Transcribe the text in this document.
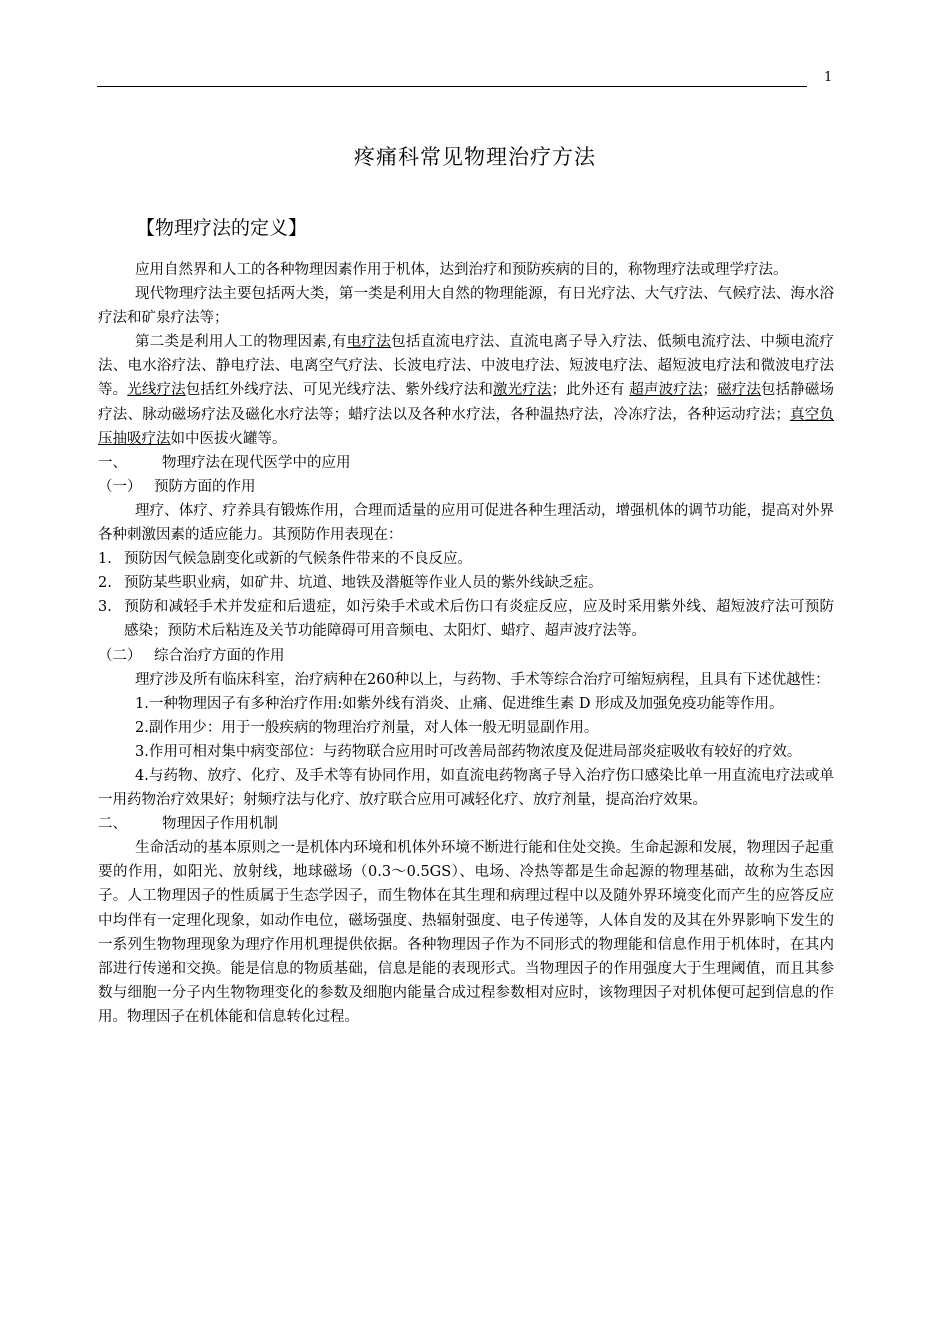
1
疼痛科常见物理治疗方法
【物理疗法的定义】

应用自然界和人工的各种物理因素作用于机体，达到治疗和预防疾病的目的，称物理疗法或理学疗法。

现代物理疗法主要包括两大类，第一类是利用大自然的物理能源，有日光疗法、大气疗法、气候疗法、海水浴疗法和矿泉疗法等；

第二类是利用人工的物理因素,有电疗法包括直流电疗法、直流电离子导入疗法、低频电流疗法、中频电流疗法、电水浴疗法、静电疗法、电离空气疗法、长波电疗法、中波电疗法、短波电疗法、超短波电疗法和微波电疗法等。光线疗法包括红外线疗法、可见光线疗法、紫外线疗法和激光疗法；此外还有 超声波疗法；磁疗法包括静磁场疗法、脉动磁场疗法及磁化水疗法等；蜡疗法以及各种水疗法，各种温热疗法，冷冻疗法，各种运动疗法；真空负压抽吸疗法如中医拔火罐等。

一、 物理疗法在现代医学中的应用

（一） 预防方面的作用

理疗、体疗、疗养具有锻炼作用，合理而适量的应用可促进各种生理活动，增强机体的调节功能，提高对外界各种刺激因素的适应能力。其预防作用表现在：

1. 预防因气候急剧变化或新的气候条件带来的不良反应。

2. 预防某些职业病，如矿井、坑道、地铁及潜艇等作业人员的紫外线缺乏症。

3. 预防和减轻手术并发症和后遗症，如污染手术或术后伤口有炎症反应，应及时采用紫外线、超短波疗法可预防感染；预防术后粘连及关节功能障碍可用音频电、太阳灯、蜡疗、超声波疗法等。

（二） 综合治疗方面的作用

理疗涉及所有临床科室，治疗病种在260种以上，与药物、手术等综合治疗可缩短病程，且具有下述优越性：

1.一种物理因子有多种治疗作用:如紫外线有消炎、止痛、促进维生素 D 形成及加强免疫功能等作用。

2.副作用少：用于一般疾病的物理治疗剂量，对人体一般无明显副作用。

3.作用可相对集中病变部位：与药物联合应用时可改善局部药物浓度及促进局部炎症吸收有较好的疗效。

4.与药物、放疗、化疗、及手术等有协同作用，如直流电药物离子导入治疗伤口感染比单一用直流电疗法或单一用药物治疗效果好；射频疗法与化疗、放疗联合应用可减轻化疗、放疗剂量，提高治疗效果。

二、 物理因子作用机制

生命活动的基本原则之一是机体内环境和机体外环境不断进行能和住处交换。生命起源和发展，物理因子起重要的作用，如阳光、放射线，地球磁场（0.3～0.5GS）、电场、冷热等都是生命起源的物理基础，故称为生态因子。人工物理因子的性质属于生态学因子，而生物体在其生理和病理过程中以及随外界环境变化而产生的应答反应中均伴有一定理化现象，如动作电位，磁场强度、热辐射强度、电子传递等，人体自发的及其在外界影响下发生的一系列生物物理现象为理疗作用机理提供依据。各种物理因子作为不同形式的物理能和信息作用于机体时，在其内部进行传递和交换。能是信息的物质基础，信息是能的表现形式。当物理因子的作用强度大于生理阈值，而且其参数与细胞一分子内生物物理变化的参数及细胞内能量合成过程参数相对应时，该物理因子对机体便可起到信息的作用。物理因子在机体能和信息转化过程。
